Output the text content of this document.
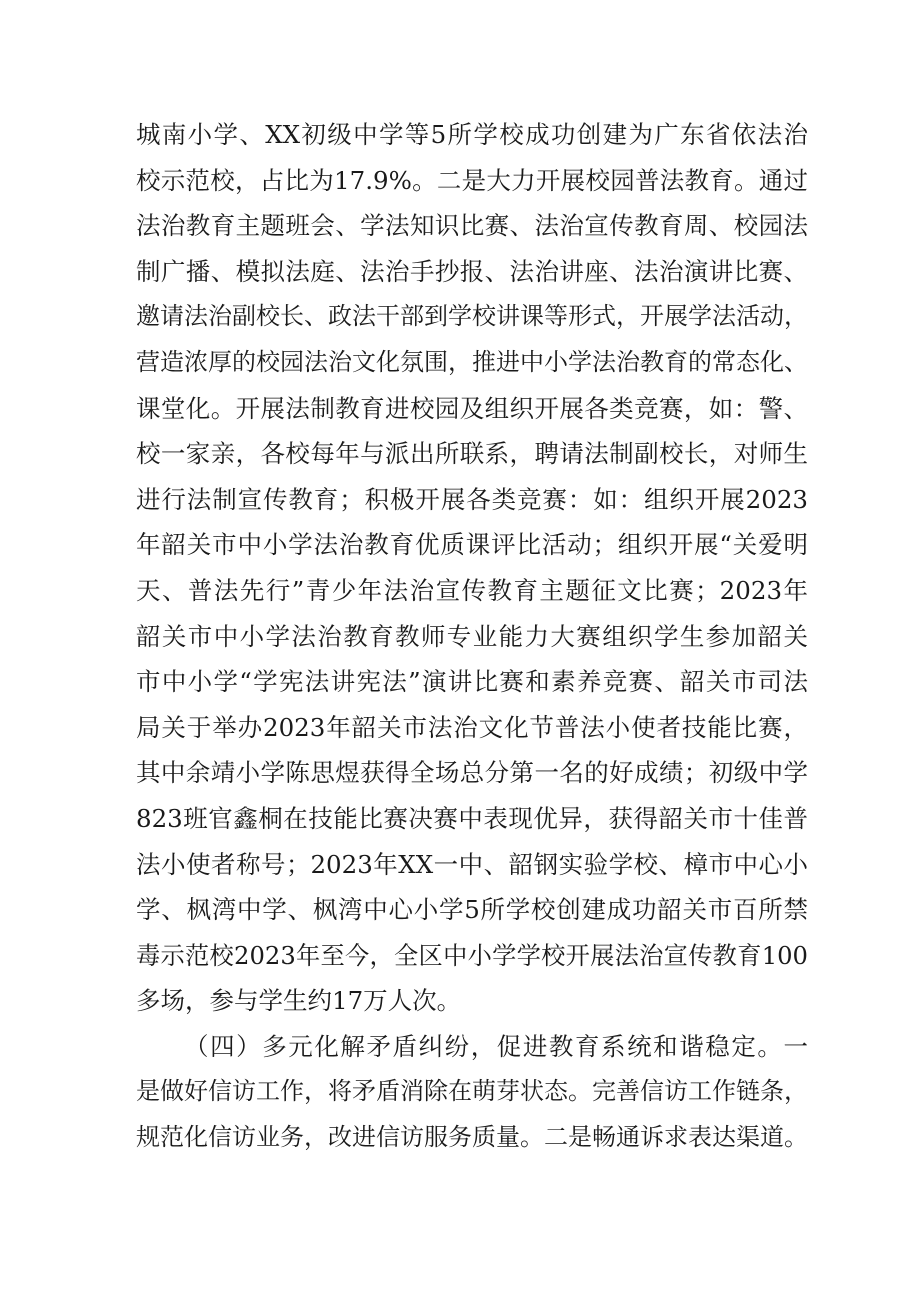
城南小学、XX初级中学等5所学校成功创建为广东省依法治
校示范校，占比为17.9%。二是大力开展校园普法教育。通过
法治教育主题班会、学法知识比赛、法治宣传教育周、校园法
制广播、模拟法庭、法治手抄报、法治讲座、法治演讲比赛、
邀请法治副校长、政法干部到学校讲课等形式，开展学法活动，
营造浓厚的校园法治文化氛围，推进中小学法治教育的常态化、
课堂化。开展法制教育进校园及组织开展各类竞赛，如：警、
校一家亲，各校每年与派出所联系，聘请法制副校长，对师生
进行法制宣传教育；积极开展各类竞赛：如：组织开展2023
年韶关市中小学法治教育优质课评比活动；组织开展“关爱明
天、普法先行”青少年法治宣传教育主题征文比赛；2023年
韶关市中小学法治教育教师专业能力大赛组织学生参加韶关
市中小学“学宪法讲宪法”演讲比赛和素养竞赛、韶关市司法
局关于举办2023年韶关市法治文化节普法小使者技能比赛，
其中余靖小学陈思煜获得全场总分第一名的好成绩；初级中学
823班官鑫桐在技能比赛决赛中表现优异，获得韶关市十佳普
法小使者称号；2023年XX一中、韶钢实验学校、樟市中心小
学、枫湾中学、枫湾中心小学5所学校创建成功韶关市百所禁
毒示范校2023年至今，全区中小学学校开展法治宣传教育100
多场，参与学生约17万人次。
（四）多元化解矛盾纠纷，促进教育系统和谐稳定。一
是做好信访工作，将矛盾消除在萌芽状态。完善信访工作链条，
规范化信访业务，改进信访服务质量。二是畅通诉求表达渠道。
